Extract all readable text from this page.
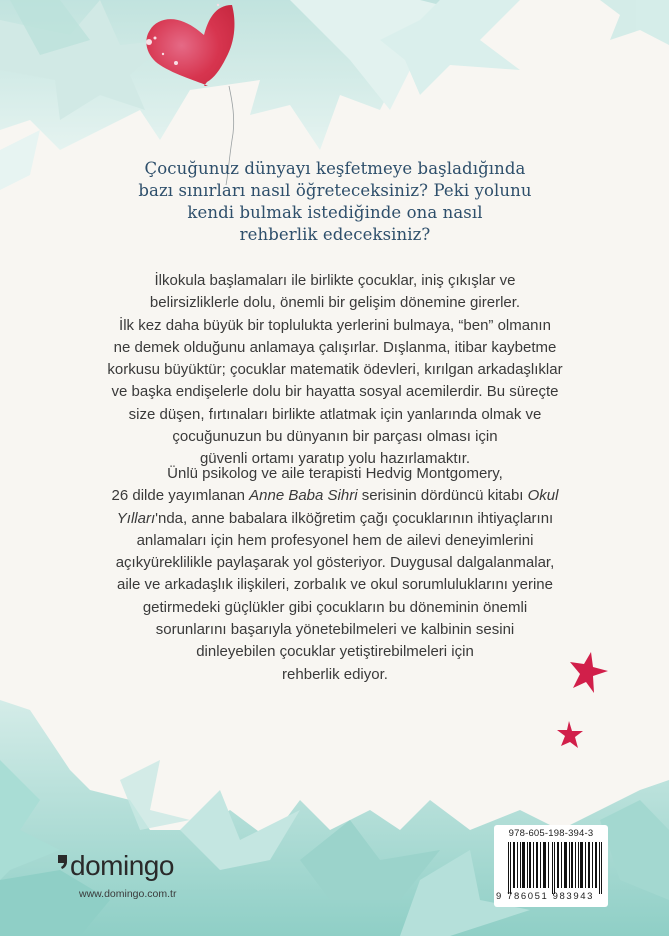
Çocuğunuz dünyayı keşfetmeye başladığında
bazı sınırları nasıl öğreteceksiniz? Peki yolunu
kendi bulmak istediğinde ona nasıl
rehberlik edeceksiniz?
İlkokula başlamaları ile birlikte çocuklar, iniş çıkışlar ve
belirsizliklerle dolu, önemli bir gelişim dönemine girerler.
İlk kez daha büyük bir toplulukta yerlerini bulmaya, “ben” olmanın
ne demek olduğunu anlamaya çalışırlar. Dışlanma, itibar kaybetme
korkusu büyüktür; çocuklar matematik ödevleri, kırılgan arkadaşlıklar
ve başka endişelerle dolu bir hayatta sosyal acemilerdir. Bu süreçte
size düşen, fırtınaları birlikte atlatmak için yanlarında olmak ve
çocuğunuzun bu dünyanın bir parçası olması için
güvenli ortamı yaratıp yolu hazırlamaktır.
Ünlü psikolog ve aile terapisti Hedvig Montgomery,
26 dilde yayımlanan Anne Baba Sihri serisinin dördüncü kitabı Okul
Yılları'nda, anne babalara ilköğretim çağı çocuklarının ihtiyaçlarını
anlamaları için hem profesyonel hem de ailevi deneyimlerini
açıkyüreklilikle paylaşarak yol gösteriyor. Duygusal dalgalanmalar,
aile ve arkadaşlık ilişkileri, zorbalık ve okul sorumluluklarını yerine
getirmedeki güçlükler gibi çocukların bu döneminin önemli
sorunlarını başarıyla yönetebilmeleri ve kalbinin sesini
dinleyebilen çocuklar yetiştirebilmeleri için
rehberlik ediyor.
domingo
www.domingo.com.tr
978-605-198-394-3
9 786051 983943
